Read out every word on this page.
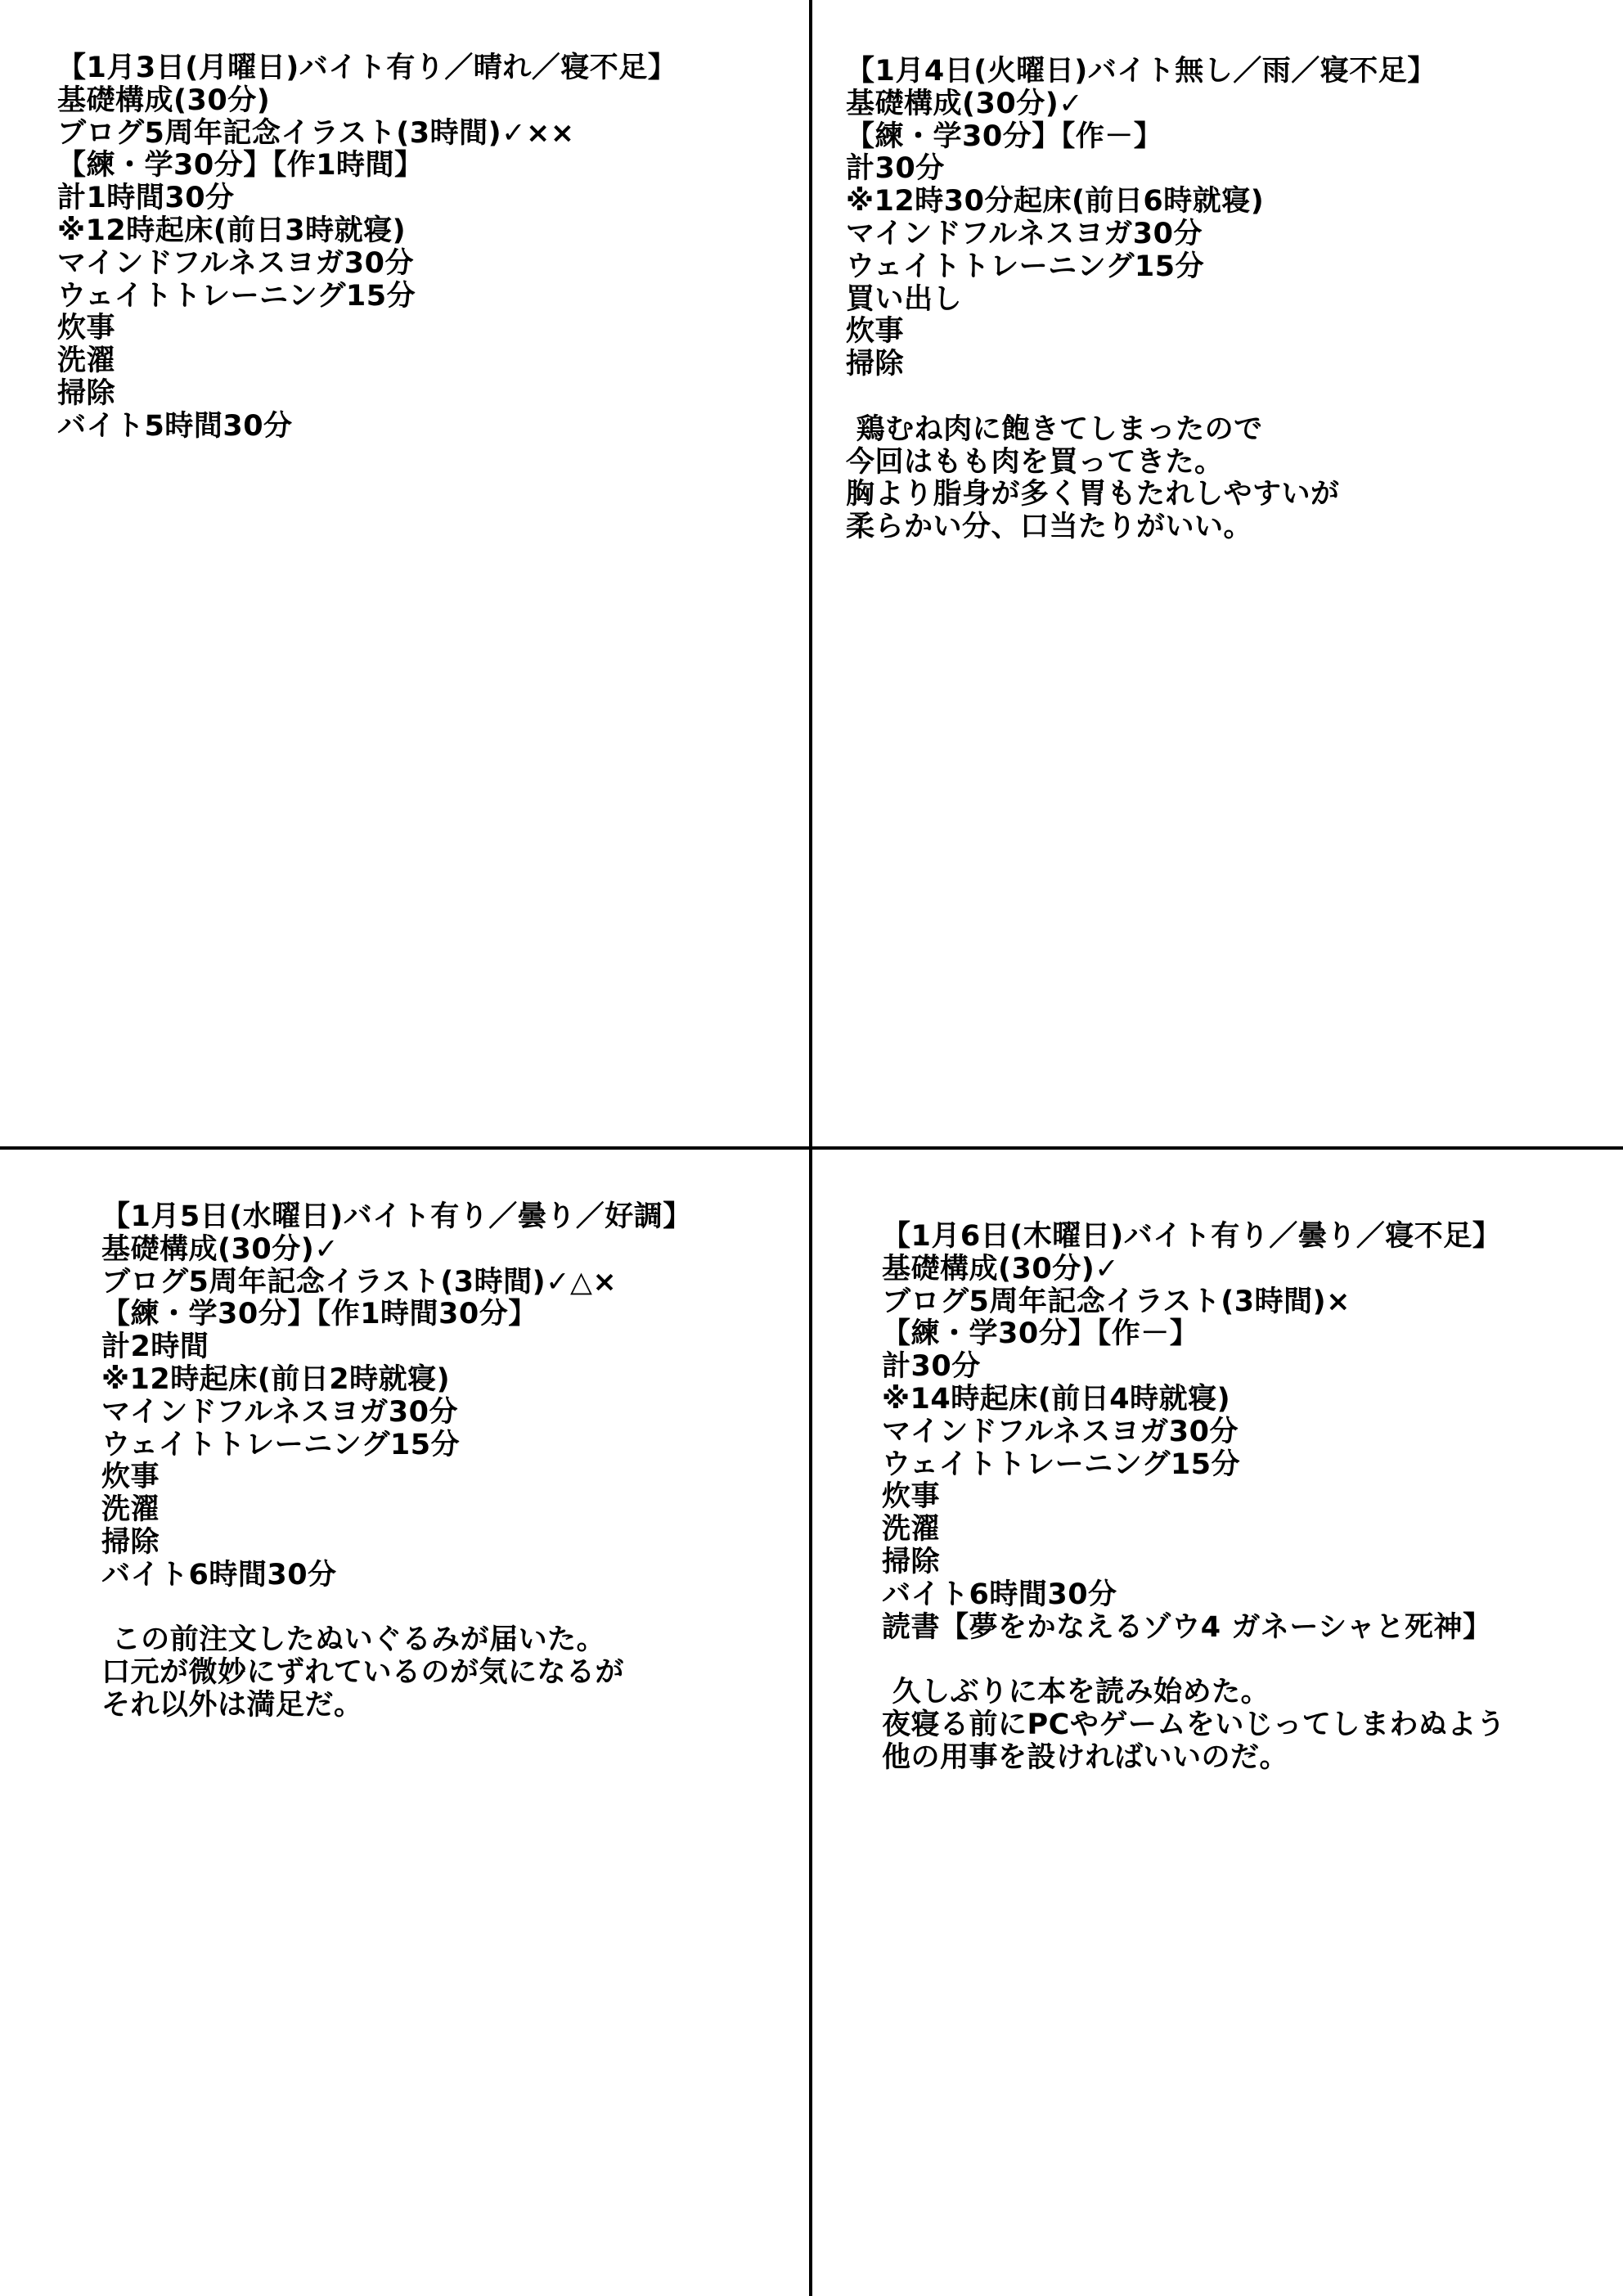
【1月3日(月曜日)バイト有り／晴れ／寝不足】
基礎構成(30分)
ブログ5周年記念イラスト(3時間)✓××
【練・学30分】【作1時間】
計1時間30分
※12時起床(前日3時就寝)
マインドフルネスヨガ30分
ウェイトトレーニング15分
炊事
洗濯
掃除
バイト5時間30分
【1月4日(火曜日)バイト無し／雨／寝不足】
基礎構成(30分)✓
【練・学30分】【作－】
計30分
※12時30分起床(前日6時就寝)
マインドフルネスヨガ30分
ウェイトトレーニング15分
買い出し
炊事
掃除
鶏むね肉に飽きてしまったので
今回はもも肉を買ってきた。
胸より脂身が多く胃もたれしやすいが
柔らかい分、口当たりがいい。
【1月5日(水曜日)バイト有り／曇り／好調】
基礎構成(30分)✓
ブログ5周年記念イラスト(3時間)✓△×
【練・学30分】【作1時間30分】
計2時間
※12時起床(前日2時就寝)
マインドフルネスヨガ30分
ウェイトトレーニング15分
炊事
洗濯
掃除
バイト6時間30分
この前注文したぬいぐるみが届いた。
口元が微妙にずれているのが気になるが
それ以外は満足だ。
【1月6日(木曜日)バイト有り／曇り／寝不足】
基礎構成(30分)✓
ブログ5周年記念イラスト(3時間)×
【練・学30分】【作－】
計30分
※14時起床(前日4時就寝)
マインドフルネスヨガ30分
ウェイトトレーニング15分
炊事
洗濯
掃除
バイト6時間30分
読書【夢をかなえるゾウ4 ガネーシャと死神】
久しぶりに本を読み始めた。
夜寝る前にPCやゲームをいじってしまわぬよう
他の用事を設ければいいのだ。
